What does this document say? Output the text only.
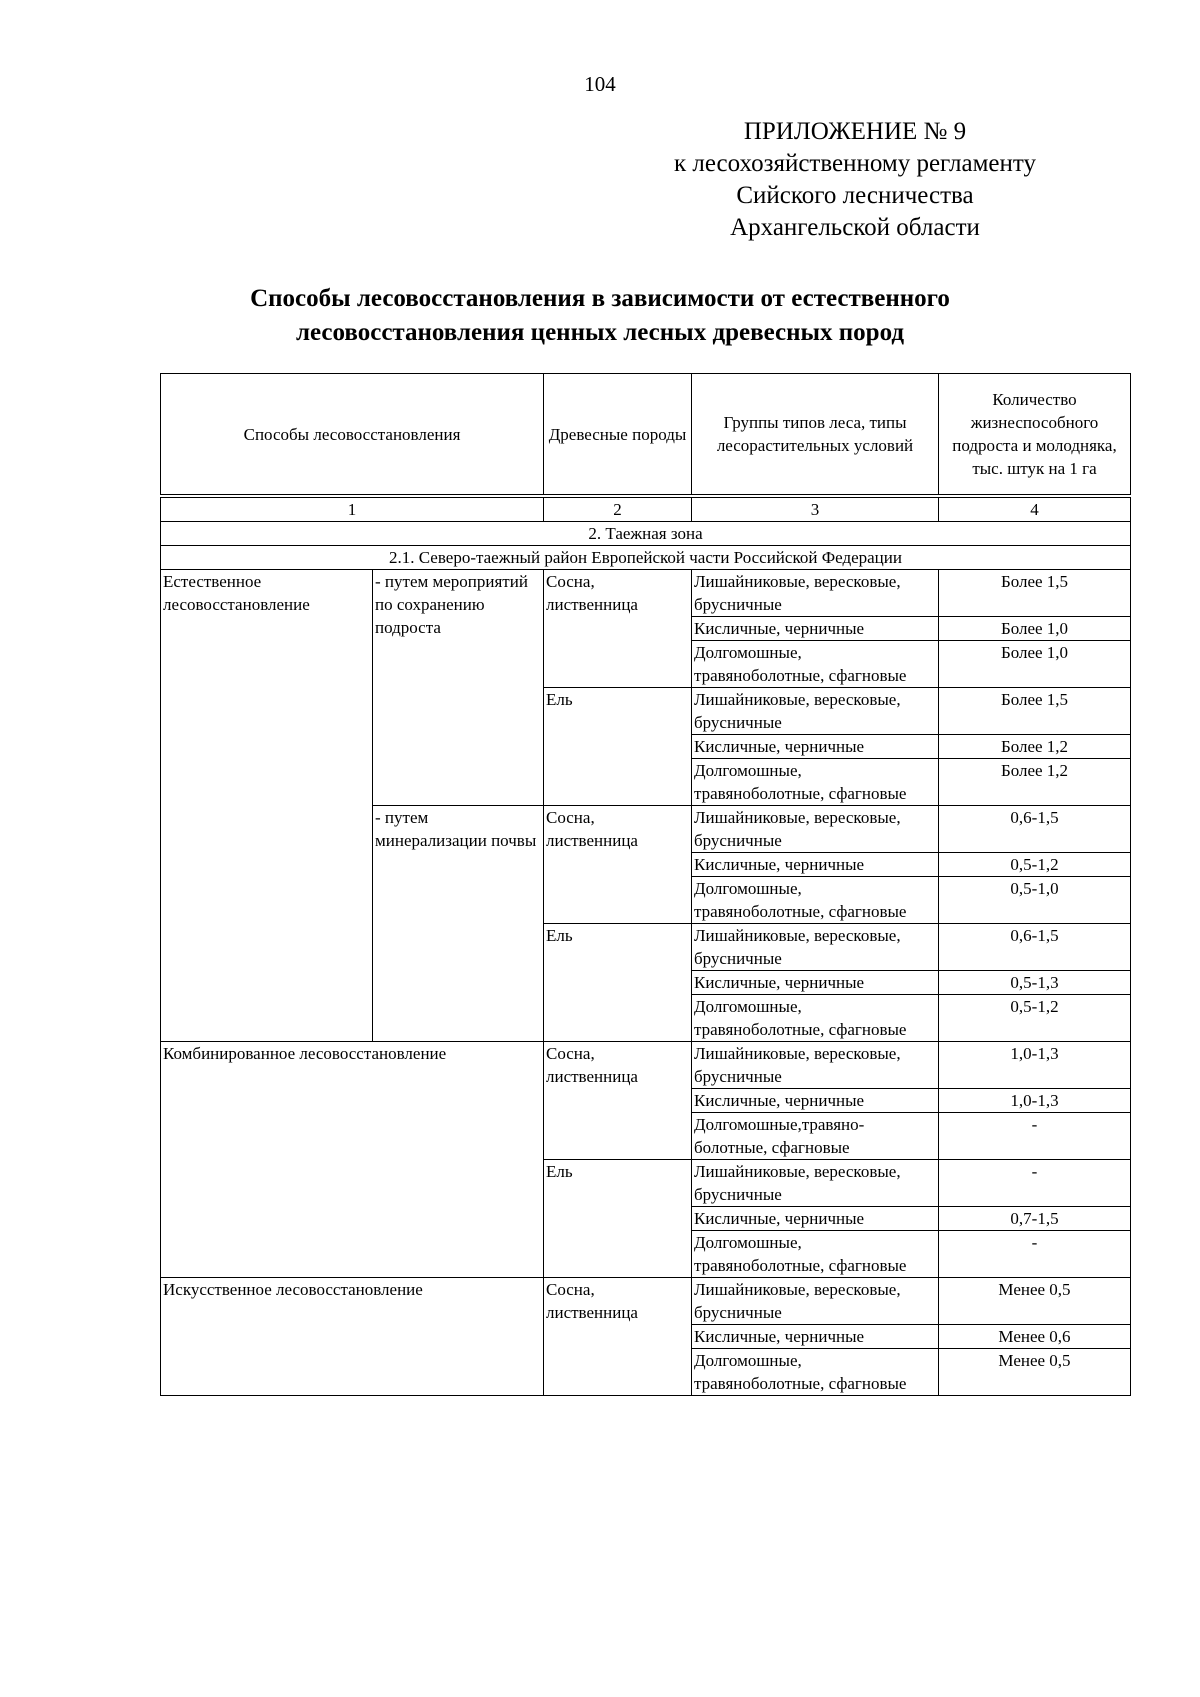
104
ПРИЛОЖЕНИЕ № 9
к лесохозяйственному регламенту
Сийского лесничества
Архангельской области
Способы лесовосстановления в зависимости от естественного
лесовосстановления ценных лесных древесных пород
Способы лесовосстановления	Древесные породы	Группы типов леса, типы лесорастительных условий	Количество жизнеспособного подроста и молодняка, тыс. штук на 1 га
1		2	3	4
2. Таежная зона				
2.1. Северо-таежный район Европейской части Российской Федерации				
Естественное лесовосстановление	- путем мероприятий по сохранению подроста	Сосна, лиственница	Лишайниковые, вересковые, брусничные	Более 1,5
			Кисличные, черничные	Более 1,0
			Долгомошные, травяноболотные, сфагновые	Более 1,0
		Ель	Лишайниковые, вересковые, брусничные	Более 1,5
			Кисличные, черничные	Более 1,2
			Долгомошные, травяноболотные, сфагновые	Более 1,2
	- путем минерализации почвы	Сосна, лиственница	Лишайниковые, вересковые, брусничные	0,6-1,5
			Кисличные, черничные	0,5-1,2
			Долгомошные, травяноболотные, сфагновые	0,5-1,0
		Ель	Лишайниковые, вересковые, брусничные	0,6-1,5
			Кисличные, черничные	0,5-1,3
			Долгомошные, травяноболотные, сфагновые	0,5-1,2
Комбинированное лесовосстановление		Сосна, лиственница	Лишайниковые, вересковые, брусничные	1,0-1,3
			Кисличные, черничные	1,0-1,3
			Долгомошные,травяно-болотные, сфагновые	-
		Ель	Лишайниковые, вересковые, брусничные	-
			Кисличные, черничные	0,7-1,5
			Долгомошные, травяноболотные, сфагновые	-
Искусственное лесовосстановление		Сосна, лиственница	Лишайниковые, вересковые, брусничные	Менее 0,5
			Кисличные, черничные	Менее 0,6
			Долгомошные, травяноболотные, сфагновые	Менее 0,5
